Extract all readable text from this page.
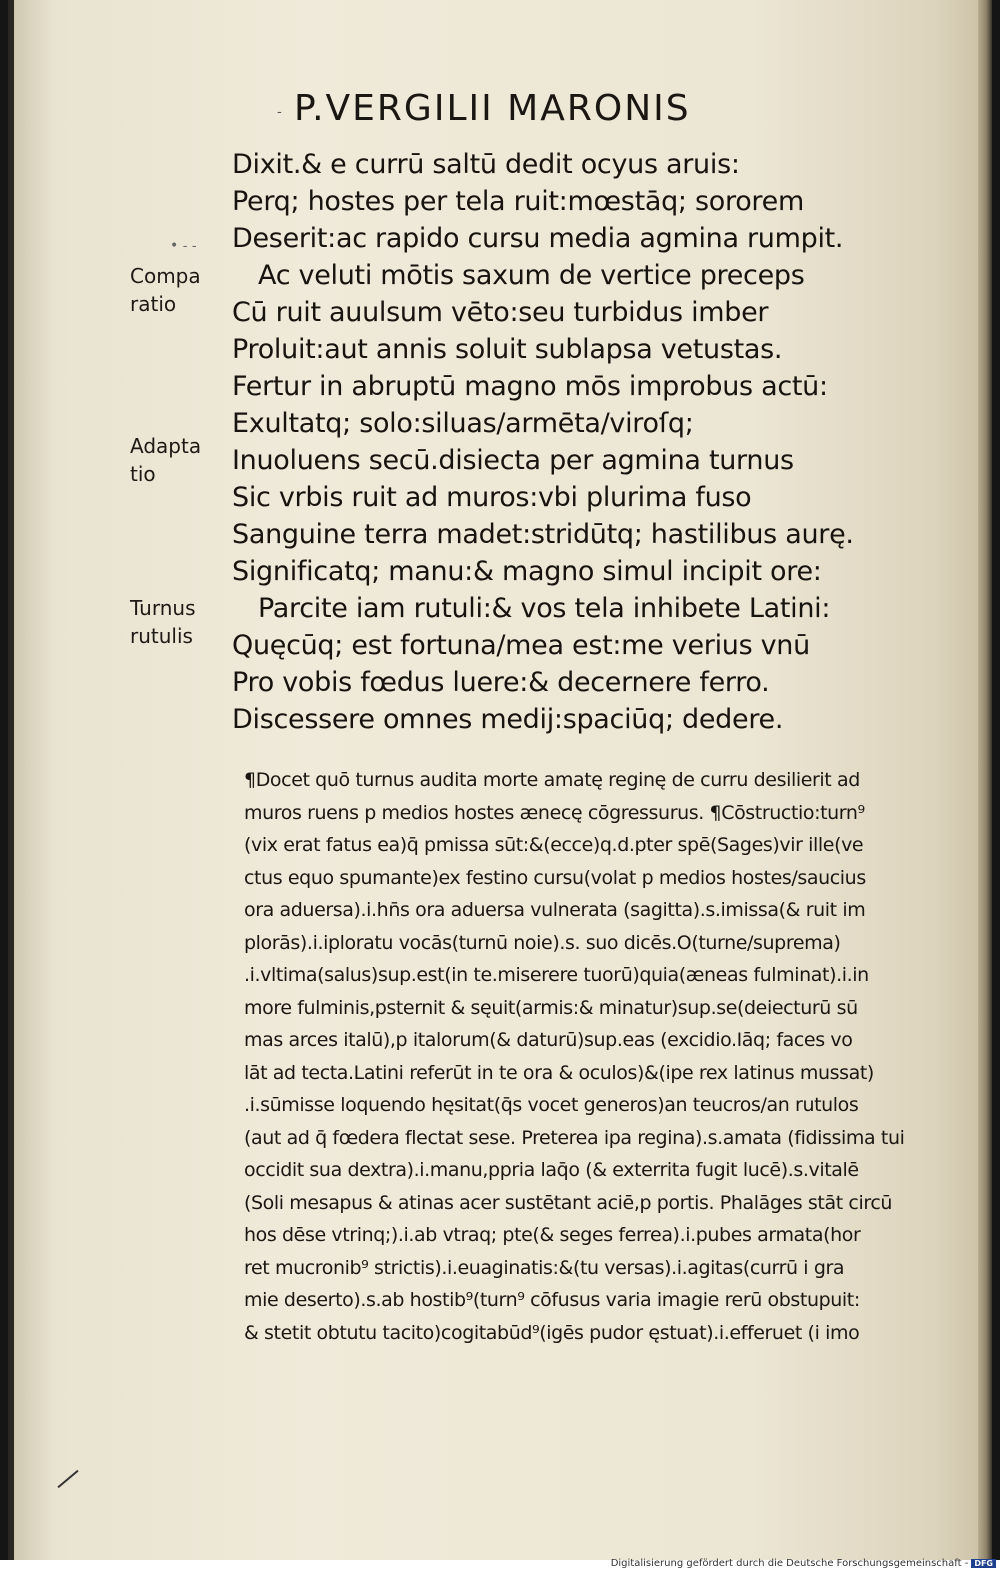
- P.VERGILII MARONIS
• - -
Dixit.& e currū saltū dedit ocyus aruis:
Perq; hostes per tela ruit:mœstāq; sororem
Deserit:ac rapido cursu media agmina rumpit.
Ac veluti mōtis saxum de vertice preceps
Cū ruit auulsum vēto:seu turbidus imber
Proluit:aut annis soluit sublapsa vetustas.
Fertur in abruptū magno mōs improbus actū:
Exultatq; solo:siluas/armēta/viroſq;
Inuoluens secū.disiecta per agmina turnus
Sic vrbis ruit ad muros:vbi plurima fuso
Sanguine terra madet:stridūtq; hastilibus aurę.
Significatq; manu:& magno simul incipit ore:
Parcite iam rutuli:& vos tela inhibete Latini:
Quęcūq; est fortuna/mea est:me verius vnū
Pro vobis fœdus luere:& decernere ferro.
Discessere omnes medij:spaciūq; dedere.
Compa
ratio
Adapta
tio
Turnus
rutulis
¶Docet quō turnus audita morte amatę reginę de curru desilierit ad
muros ruens p medios hostes ænecę cōgressurus. ¶Cōstructio:turn⁹
(vix erat fatus ea)q̄ pmissa sūt:&(ecce)q.d.pter spē(Sages)vir ille(ve
ctus equo spumante)ex festino cursu(volat p medios hostes/saucius
ora aduersa).i.hn̄s ora aduersa vulnerata (sagitta).s.imissa(& ruit im
plorās).i.iploratu vocās(turnū noie).s. suo dicēs.O(turne/suprema)
.i.vltima(salus)sup.est(in te.miserere tuorū)quia(æneas fulminat).i.in
more fulminis,psternit & sęuit(armis:& minatur)sup.se(deiecturū sū
mas arces italū),p italorum(& daturū)sup.eas (excidio.Iāq; faces vo
lāt ad tecta.Latini referūt in te ora & oculos)&(ipe rex latinus mussat)
.i.sūmisse loquendo hęsitat(q̄s vocet generos)an teucros/an rutulos
(aut ad q̄ fœdera flectat sese. Preterea ipa regina).s.amata (fidissima tui
occidit sua dextra).i.manu,ppria laq̄o (& exterrita fugit lucē).s.vitalē
(Soli mesapus & atinas acer sustētant aciē,p portis. Phalāges stāt circū
hos dēse vtrinq;).i.ab vtraq; pte(& seges ferrea).i.pubes armata(hor
ret mucronib⁹ strictis).i.euaginatis:&(tu versas).i.agitas(currū i gra
mie deserto).s.ab hostib⁹(turn⁹ cōfusus varia imagie rerū obstupuit:
& stetit obtutu tacito)cogitabūd⁹(igēs pudor ęstuat).i.efferuet (i imo
Digitalisierung gefördert durch die Deutsche Forschungsgemeinschaft - DFG
